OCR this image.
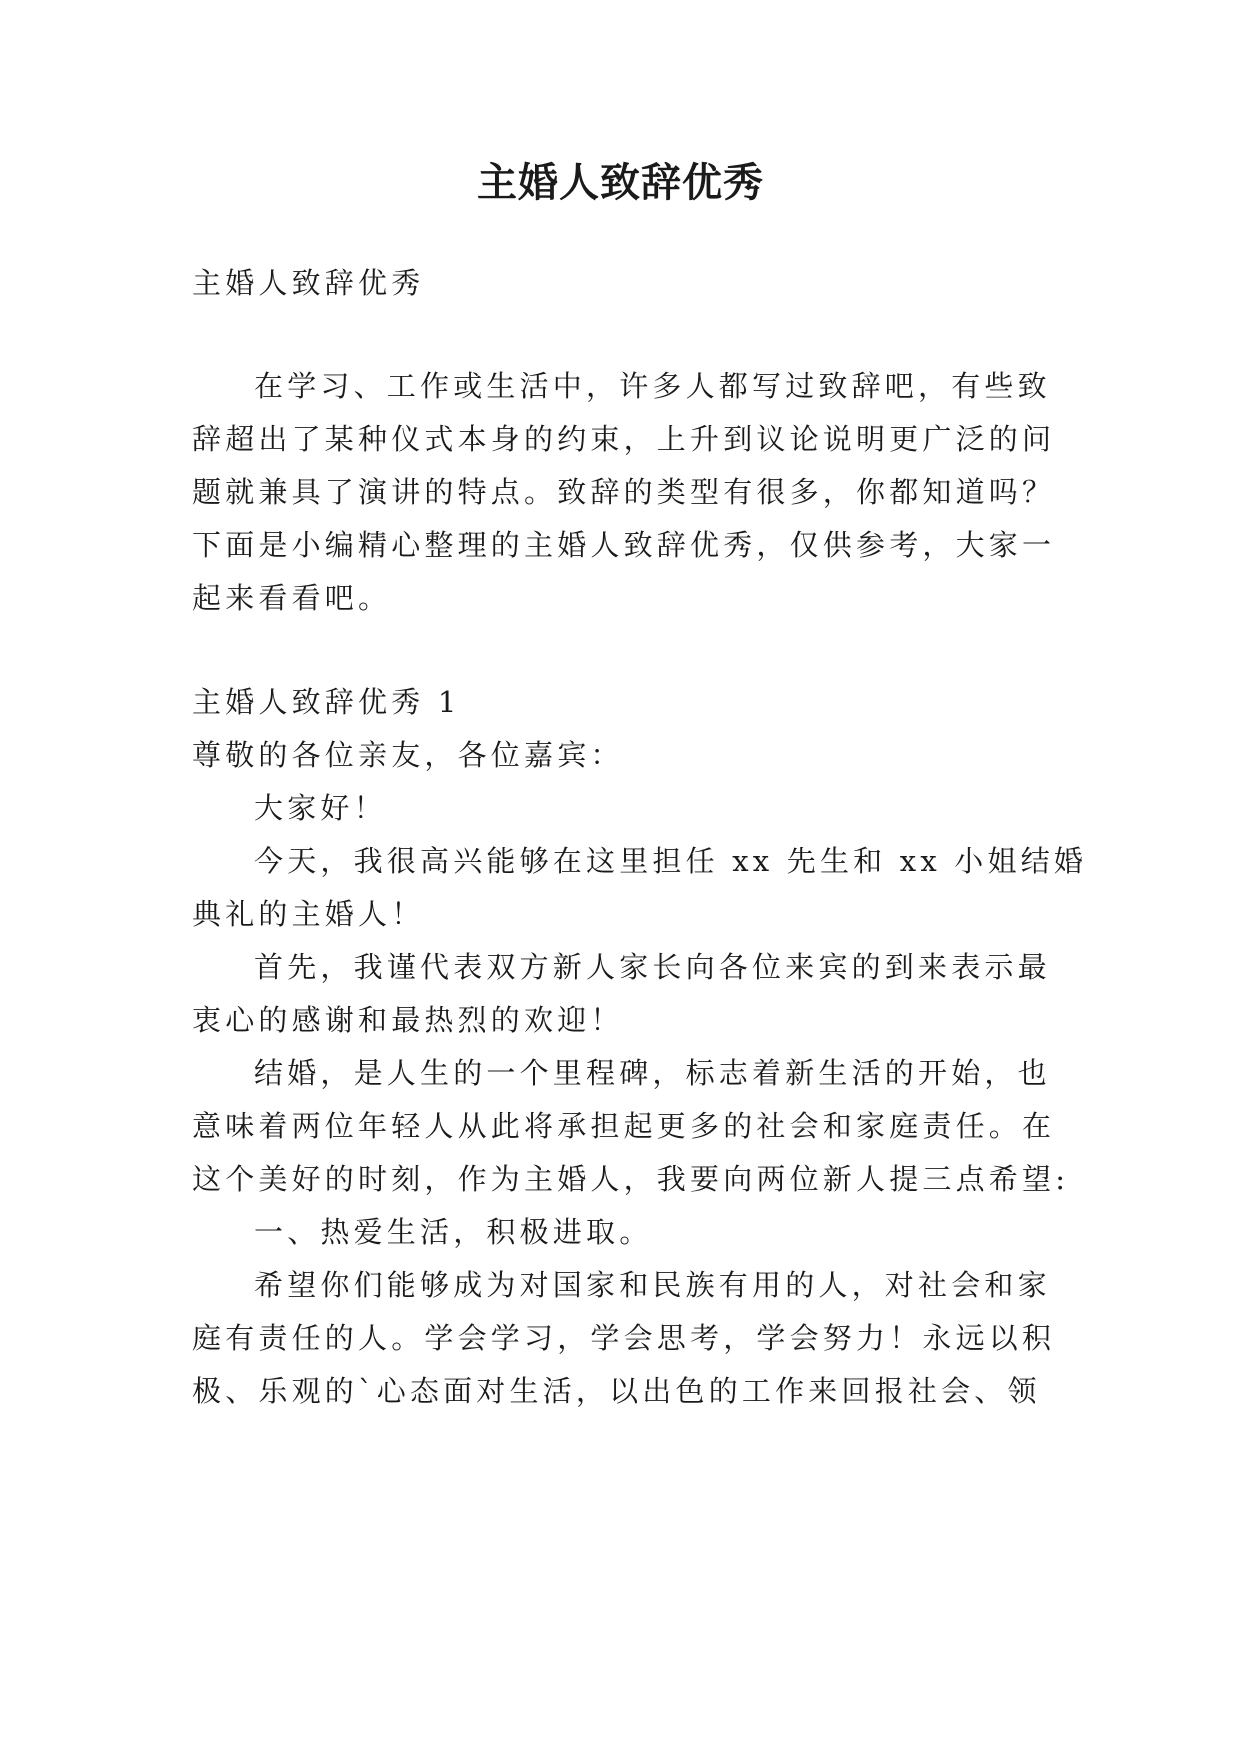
主婚人致辞优秀
主婚人致辞优秀
在学习、工作或生活中，许多人都写过致辞吧，有些致
辞超出了某种仪式本身的约束，上升到议论说明更广泛的问
题就兼具了演讲的特点。致辞的类型有很多，你都知道吗？
下面是小编精心整理的主婚人致辞优秀，仅供参考，大家一
起来看看吧。
主婚人致辞优秀 1
尊敬的各位亲友，各位嘉宾：
大家好！
今天，我很高兴能够在这里担任 xx 先生和 xx 小姐结婚
典礼的主婚人！
首先，我谨代表双方新人家长向各位来宾的到来表示最
衷心的感谢和最热烈的欢迎！
结婚，是人生的一个里程碑，标志着新生活的开始，也
意味着两位年轻人从此将承担起更多的社会和家庭责任。在
这个美好的时刻，作为主婚人，我要向两位新人提三点希望:
一、热爱生活，积极进取。
希望你们能够成为对国家和民族有用的人，对社会和家
庭有责任的人。学会学习，学会思考，学会努力！永远以积
极、乐观的`心态面对生活，以出色的工作来回报社会、领
